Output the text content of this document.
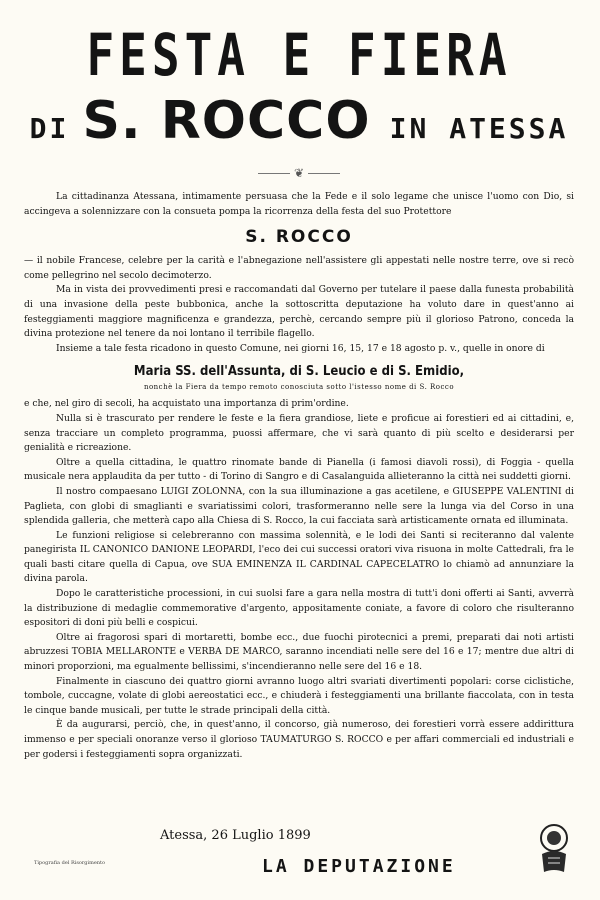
FESTA E FIERA
DI S. ROCCO IN ATESSA
❦

La cittadinanza Atessana, intimamente persuasa che la Fede e il solo legame che unisce l'uomo con Dio, si accingeva a solennizzare con la consueta pompa la ricorrenza della festa del suo Protettore

S. ROCCO

— il nobile Francese, celebre per la carità e l'abnegazione nell'assistere gli appestati nelle nostre terre, ove si recò come pellegrino nel secolo decimoterzo.

Ma in vista dei provvedimenti presi e raccomandati dal Governo per tutelare il paese dalla funesta probabilità di una invasione della peste bubbonica, anche la sottoscritta deputazione ha voluto dare in quest'anno ai festeggiamenti maggiore magnificenza e grandezza, perchè, cercando sempre più il glorioso Patrono, conceda la divina protezione nel tenere da noi lontano il terribile flagello.

Insieme a tale festa ricadono in questo Comune, nei giorni 16, 15, 17 e 18 agosto p. v., quelle in onore di

Maria SS. dell'Assunta, di S. Leucio e di S. Emidio,
nonchè la Fiera da tempo remoto conosciuta sotto l'istesso nome di S. Rocco

e che, nel giro di secoli, ha acquistato una importanza di prim'ordine.

Nulla si è trascurato per rendere le feste e la fiera grandiose, liete e proficue ai forestieri ed ai cittadini, e, senza tracciare un completo programma, puossi affermare, che vi sarà quanto di più scelto e desiderarsi per genialità e ricreazione.

Oltre a quella cittadina, le quattro rinomate bande di Pianella (i famosi diavoli rossi), di Foggia - quella musicale nera applaudita da per tutto - di Torino di Sangro e di Casalanguida allieteranno la città nei suddetti giorni.

Il nostro compaesano LUIGI ZOLONNA, con la sua illuminazione a gas acetilene, e GIUSEPPE VALENTINI di Paglieta, con globi di smaglianti e svariatissimi colori, trasformeranno nelle sere la lunga via del Corso in una splendida galleria, che metterà capo alla Chiesa di S. Rocco, la cui facciata sarà artisticamente ornata ed illuminata.

Le funzioni religiose si celebreranno con massima solennità, e le lodi dei Santi si reciteranno dal valente panegirista IL CANONICO DANIONE LEOPARDI, l'eco dei cui successi oratori viva risuona in molte Cattedrali, fra le quali basti citare quella di Capua, ove SUA EMINENZA IL CARDINAL CAPECELATRO lo chiamò ad annunziare la divina parola.

Dopo le caratteristiche processioni, in cui suolsi fare a gara nella mostra di tutt'i doni offerti ai Santi, avverrà la distribuzione di medaglie commemorative d'argento, appositamente coniate, a favore di coloro che risulteranno espositori di doni più belli e cospicui.

Oltre ai fragorosi spari di mortaretti, bombe ecc., due fuochi pirotecnici a premi, preparati dai noti artisti abruzzesi TOBIA MELLARONTE e VERBA DE MARCO, saranno incendiati nelle sere del 16 e 17; mentre due altri di minori proporzioni, ma egualmente bellissimi, s'incendieranno nelle sere del 16 e 18.

Finalmente in ciascuno dei quattro giorni avranno luogo altri svariati divertimenti popolari: corse ciclistiche, tombole, cuccagne, volate di globi aereostatici ecc., e chiuderà i festeggiamenti una brillante fiaccolata, con in testa le cinque bande musicali, per tutte le strade principali della città.

È da augurarsi, perciò, che, in quest'anno, il concorso, già numeroso, dei forestieri vorrà essere addirittura immenso e per speciali onoranze verso il glorioso TAUMATURGO S. ROCCO e per affari commerciali ed industriali e per godersi i festeggiamenti sopra organizzati.

Atessa, 26 Luglio 1899
LA DEPUTAZIONE
Tipografia del Risorgimento
